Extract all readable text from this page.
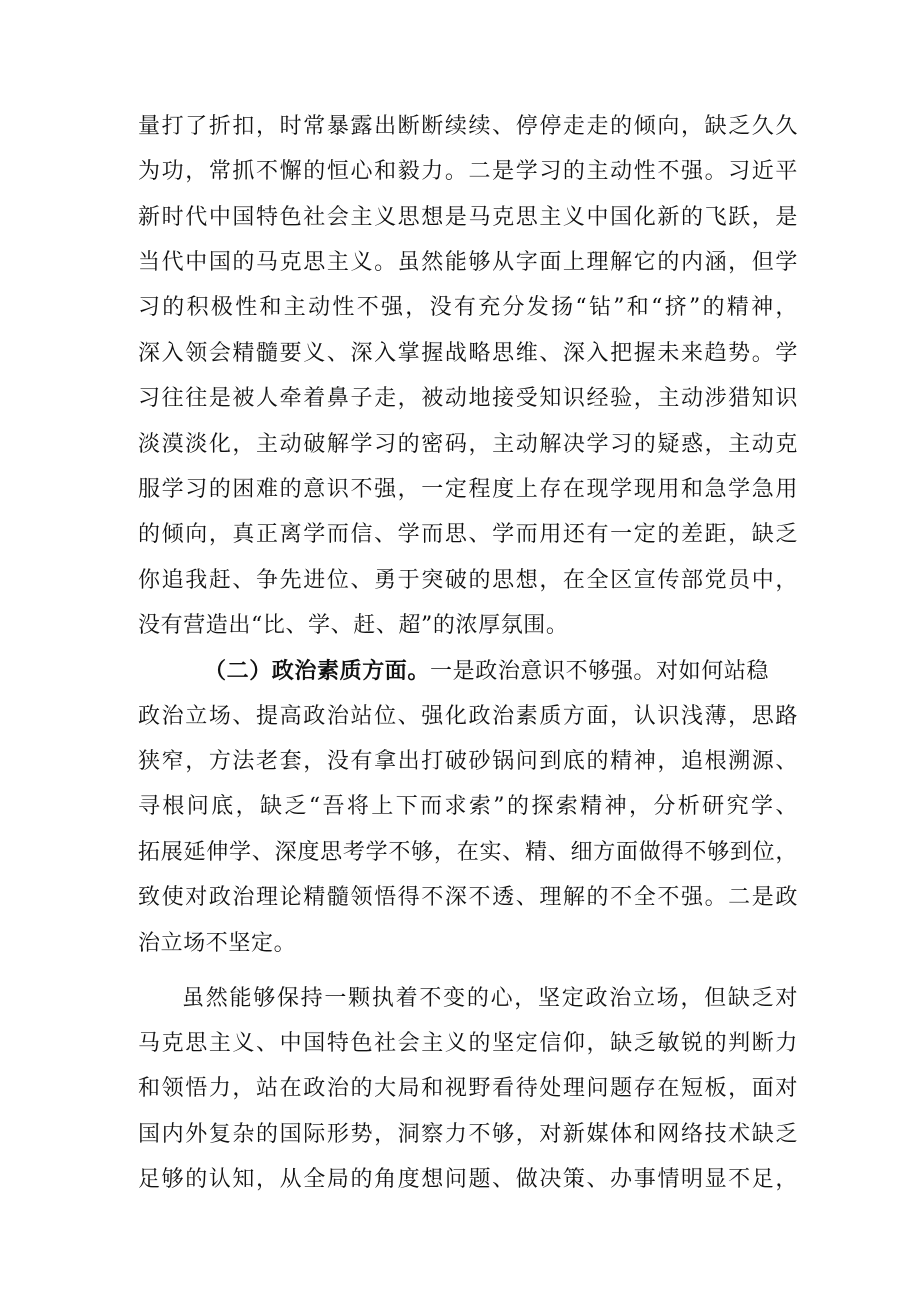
量打了折扣，时常暴露出断断续续、停停走走的倾向，缺乏久久
为功，常抓不懈的恒心和毅力。二是学习的主动性不强。习近平
新时代中国特色社会主义思想是马克思主义中国化新的飞跃，是
当代中国的马克思主义。虽然能够从字面上理解它的内涵，但学
习的积极性和主动性不强，没有充分发扬“钻”和“挤”的精神，
深入领会精髓要义、深入掌握战略思维、深入把握未来趋势。学
习往往是被人牵着鼻子走，被动地接受知识经验，主动涉猎知识
淡漠淡化，主动破解学习的密码，主动解决学习的疑惑，主动克
服学习的困难的意识不强，一定程度上存在现学现用和急学急用
的倾向，真正离学而信、学而思、学而用还有一定的差距，缺乏
你追我赶、争先进位、勇于突破的思想，在全区宣传部党员中，
没有营造出“比、学、赶、超”的浓厚氛围。
（二）政治素质方面。一是政治意识不够强。对如何站稳
政治立场、提高政治站位、强化政治素质方面，认识浅薄，思路
狭窄，方法老套，没有拿出打破砂锅问到底的精神，追根溯源、
寻根问底，缺乏“吾将上下而求索”的探索精神，分析研究学、
拓展延伸学、深度思考学不够，在实、精、细方面做得不够到位，
致使对政治理论精髓领悟得不深不透、理解的不全不强。二是政
治立场不坚定。
虽然能够保持一颗执着不变的心，坚定政治立场，但缺乏对
马克思主义、中国特色社会主义的坚定信仰，缺乏敏锐的判断力
和领悟力，站在政治的大局和视野看待处理问题存在短板，面对
国内外复杂的国际形势，洞察力不够，对新媒体和网络技术缺乏
足够的认知，从全局的角度想问题、做决策、办事情明显不足，
